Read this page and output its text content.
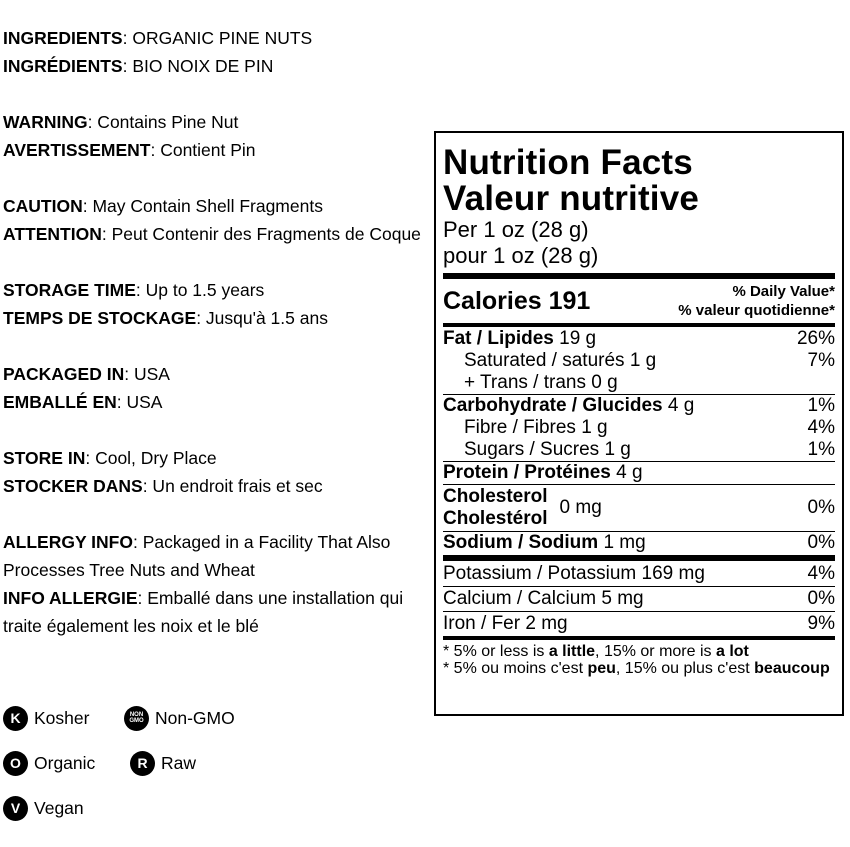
INGREDIENTS: ORGANIC PINE NUTS
INGRÉDIENTS: BIO NOIX DE PIN
WARNING: Contains Pine Nut
AVERTISSEMENT: Contient Pin
CAUTION: May Contain Shell Fragments
ATTENTION: Peut Contenir des Fragments de Coque
STORAGE TIME: Up to 1.5 years
TEMPS DE STOCKAGE: Jusqu'à 1.5 ans
PACKAGED IN: USA
EMBALLÉ EN: USA
STORE IN: Cool, Dry Place
STOCKER DANS: Un endroit frais et sec
ALLERGY INFO: Packaged in a Facility That Also Processes Tree Nuts and Wheat
INFO ALLERGIE: Emballé dans une installation qui traite également les noix et le blé
K Kosher	NON
GMO Non-GMO
O Organic	R Raw
V Vegan
Nutrition Facts
Valeur nutritive
Per 1 oz (28 g)
pour 1 oz (28 g)
Calories 191	% Daily Value*
% valeur quotidienne*
Fat / Lipides 19 g	26%
Saturated / saturés 1 g	7%
+ Trans / trans 0 g
Carbohydrate / Glucides 4 g	1%
Fibre / Fibres 1 g	4%
Sugars / Sucres 1 g	1%
Protein / Protéines 4 g
Cholesterol
Cholestérol
0 mg	0%
Sodium / Sodium 1 mg	0%
Potassium / Potassium 169 mg	4%
Calcium / Calcium 5 mg	0%
Iron / Fer 2 mg	9%
* 5% or less is a little, 15% or more is a lot
* 5% ou moins c'est peu, 15% ou plus c'est beaucoup
